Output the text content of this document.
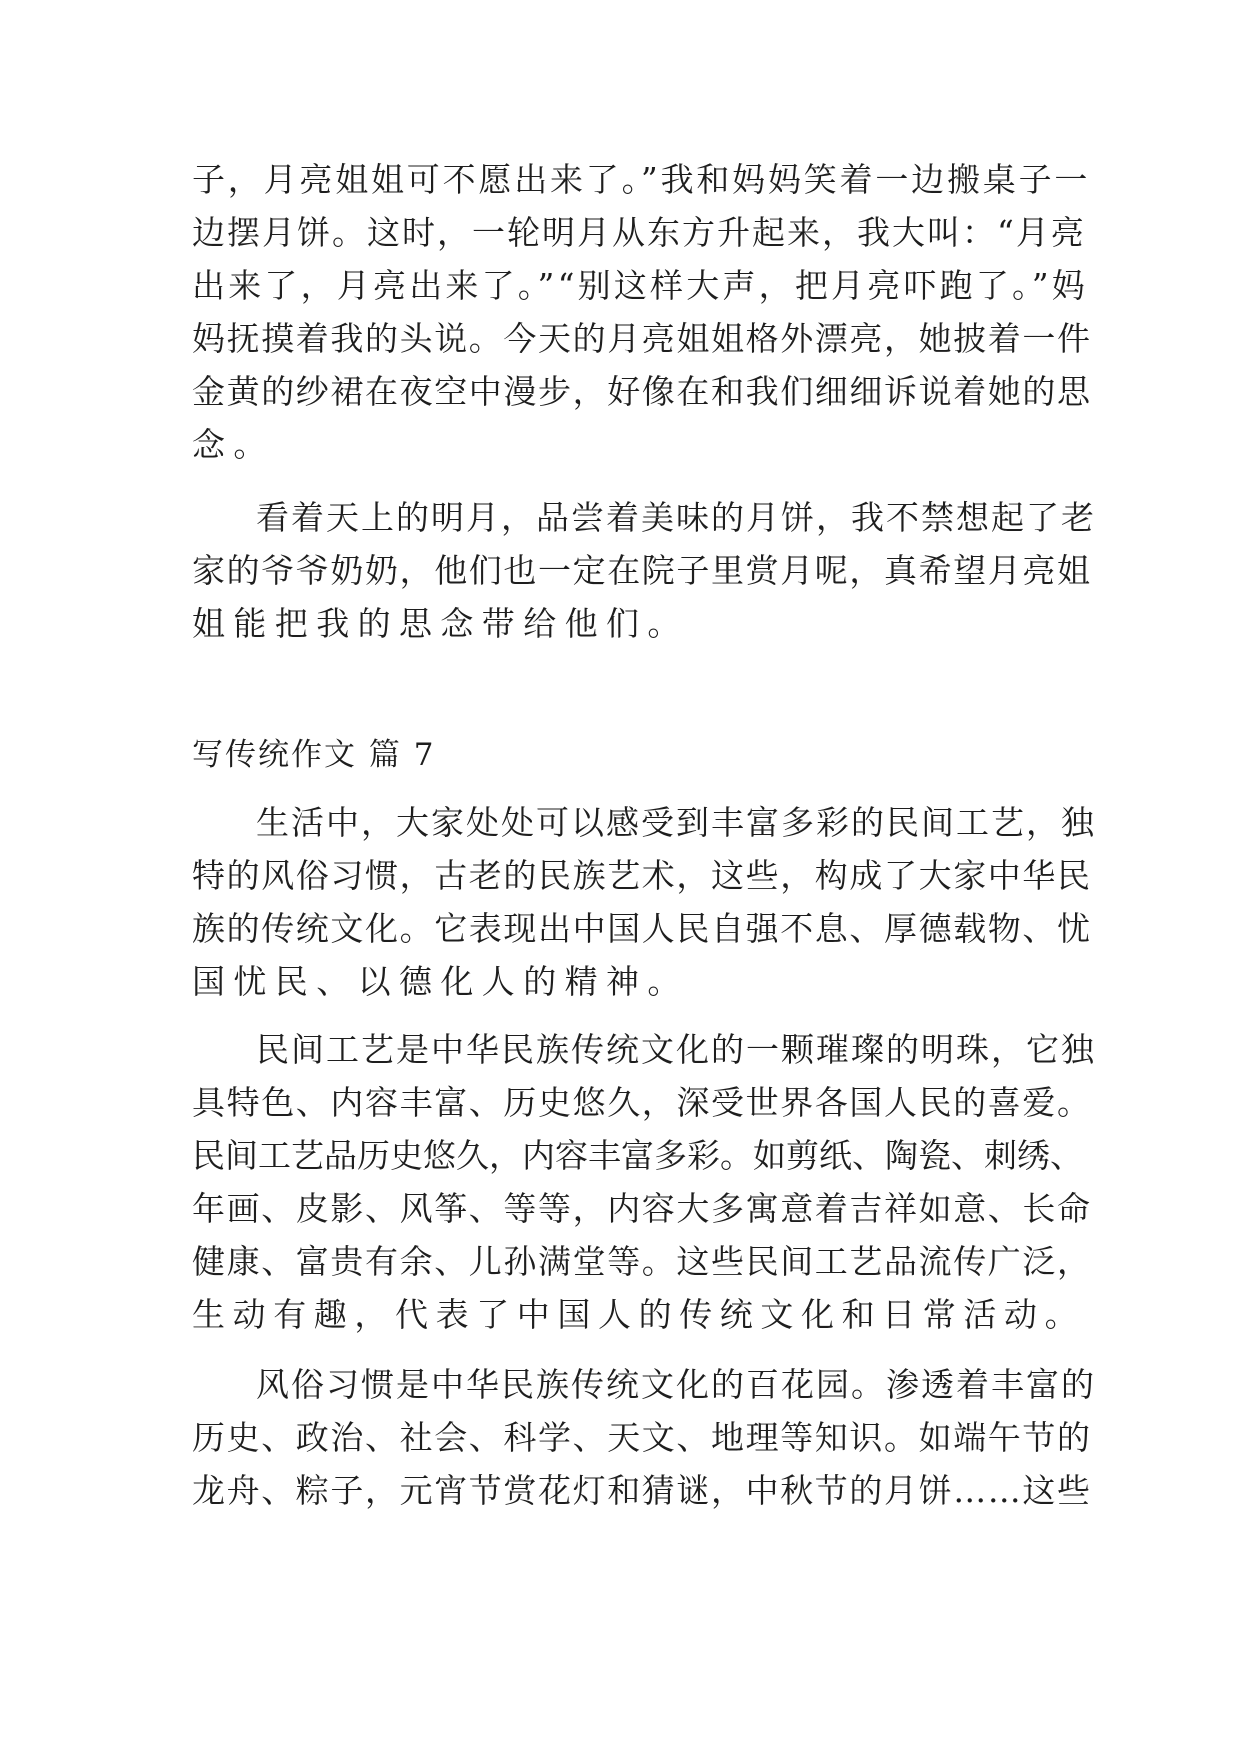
子，月亮姐姐可不愿出来了。”我和妈妈笑着一边搬桌子一
边摆月饼。这时，一轮明月从东方升起来，我大叫：“月亮
出来了，月亮出来了。”“别这样大声，把月亮吓跑了。”妈
妈抚摸着我的头说。今天的月亮姐姐格外漂亮，她披着一件
金黄的纱裙在夜空中漫步，好像在和我们细细诉说着她的思
念。
看着天上的明月，品尝着美味的月饼，我不禁想起了老
家的爷爷奶奶，他们也一定在院子里赏月呢，真希望月亮姐
姐能把我的思念带给他们。
写传统作文 篇 7
生活中，大家处处可以感受到丰富多彩的民间工艺，独
特的风俗习惯，古老的民族艺术，这些，构成了大家中华民
族的传统文化。它表现出中国人民自强不息、厚德载物、忧
国忧民、以德化人的精神。
民间工艺是中华民族传统文化的一颗璀璨的明珠，它独
具特色、内容丰富、历史悠久，深受世界各国人民的喜爱。
民间工艺品历史悠久，内容丰富多彩。如剪纸、陶瓷、刺绣、
年画、皮影、风筝、等等，内容大多寓意着吉祥如意、长命
健康、富贵有余、儿孙满堂等。这些民间工艺品流传广泛，
生动有趣，代表了中国人的传统文化和日常活动。
风俗习惯是中华民族传统文化的百花园。渗透着丰富的
历史、政治、社会、科学、天文、地理等知识。如端午节的
龙舟、粽子，元宵节赏花灯和猜谜，中秋节的月饼……这些
